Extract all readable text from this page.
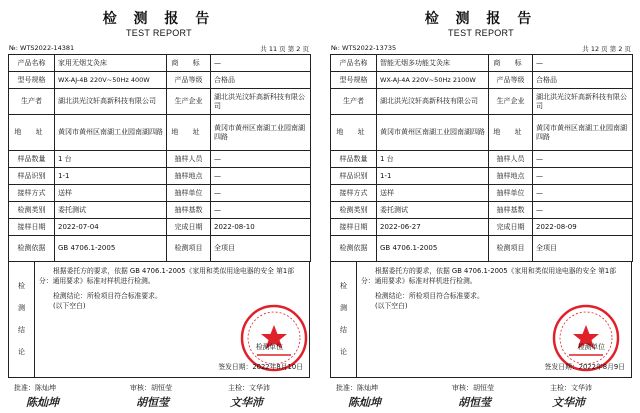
检 测 报 告
TEST REPORT
№: WTS2022-14381	共 11 页 第 2 页
产品名称	家用无烟艾灸床	商 标	—
型号规格	WX-AJ-4B 220V~50Hz 400W	产品等级	合格品
生产者	湖北洪光汶轩高新科技有限公司	生产企业	湖北洪光汶轩高新科技有限公司
地 址	黄冈市黄州区南湖工业园南湖四路	地 址	黄冈市黄州区南湖工业园南湖四路
样品数量	1 台	抽样人员	—
样品识别	1-1	抽样地点	—
接样方式	送样	抽样单位	—
检测类别	委托测试	抽样基数	—
接样日期	2022-07-04	完成日期	2022-08-10
检测依据	GB 4706.1-2005	检测项目	全项目
检
测
结
论

根据委托方的要求，依据 GB 4706.1-2005《家用和类似用途电器的安全 第1部分：通用要求》标准对样机进行检测。

检测结论：所检项目符合标准要求。

(以下空白)

检测单位
签发日期：2022年8月10日
批准：陈灿坤	审核：胡恒莹	主检：文华沛
陈灿坤	胡恒莹	文华沛
检 测 报 告
TEST REPORT
№: WTS2022-13735	共 12 页 第 2 页
产品名称	智能无烟多功能艾灸床	商 标	—
型号规格	WX-AJ-4A 220V~50Hz 2100W	产品等级	合格品
生产者	湖北洪光汶轩高新科技有限公司	生产企业	湖北洪光汶轩高新科技有限公司
地 址	黄冈市黄州区南湖工业园南湖四路	地 址	黄冈市黄州区南湖工业园南湖四路
样品数量	1 台	抽样人员	—
样品识别	1-1	抽样地点	—
接样方式	送样	抽样单位	—
检测类别	委托测试	抽样基数	—
接样日期	2022-06-27	完成日期	2022-08-09
检测依据	GB 4706.1-2005	检测项目	全项目
检
测
结
论

根据委托方的要求，依据 GB 4706.1-2005《家用和类似用途电器的安全 第1部分：通用要求》标准对样机进行检测。

检测结论：所检项目符合标准要求。

(以下空白)

检测单位
签发日期：2022年8月9日
批准：陈灿坤	审核：胡恒莹	主检：文华沛
陈灿坤	胡恒莹	文华沛
